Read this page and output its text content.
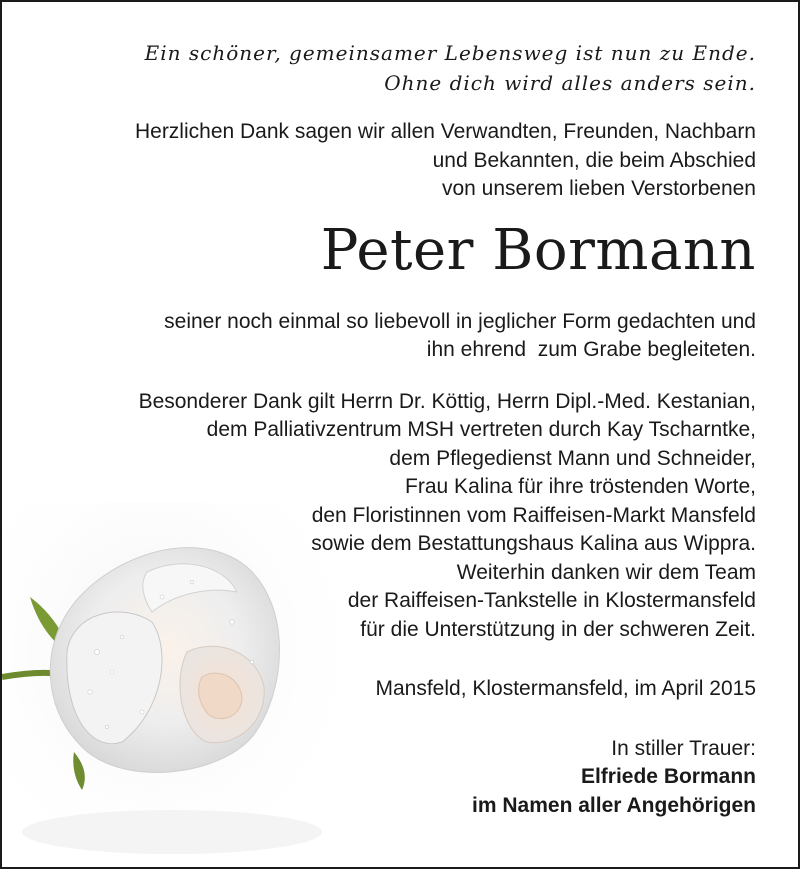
Ein schöner, gemeinsamer Lebensweg ist nun zu Ende.
Ohne dich wird alles anders sein.
Herzlichen Dank sagen wir allen Verwandten, Freunden, Nachbarn
und Bekannten, die beim Abschied
von unserem lieben Verstorbenen
Peter Bormann
seiner noch einmal so liebevoll in jeglicher Form gedachten und
ihn ehrend  zum Grabe begleiteten.
Besonderer Dank gilt Herrn Dr. Köttig, Herrn Dipl.-Med. Kestanian,
dem Palliativzentrum MSH vertreten durch Kay Tscharntke,
dem Pflegedienst Mann und Schneider,
Frau Kalina für ihre tröstenden Worte,
den Floristinnen vom Raiffeisen-Markt Mansfeld
sowie dem Bestattungshaus Kalina aus Wippra.
Weiterhin danken wir dem Team
der Raiffeisen-Tankstelle in Klostermansfeld
für die Unterstützung in der schweren Zeit.
Mansfeld, Klostermansfeld, im April 2015
In stiller Trauer:
Elfriede Bormann
im Namen aller Angehörigen
